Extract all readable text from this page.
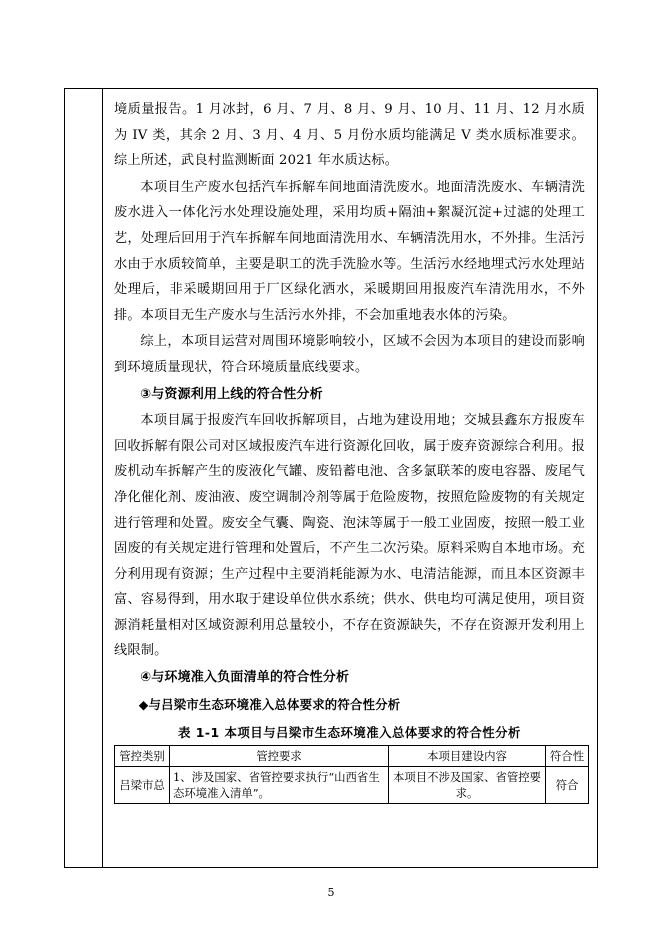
境质量报告。1 月冰封，6 月、7 月、8 月、9 月、10 月、11 月、12 月水质为 IV 类，其余 2 月、3 月、4 月、5 月份水质均能满足 V 类水质标准要求。综上所述，武良村监测断面 2021 年水质达标。

本项目生产废水包括汽车拆解车间地面清洗废水。地面清洗废水、车辆清洗废水进入一体化污水处理设施处理，采用均质+隔油+絮凝沉淀+过滤的处理工艺，处理后回用于汽车拆解车间地面清洗用水、车辆清洗用水，不外排。生活污水由于水质较简单，主要是职工的洗手洗脸水等。生活污水经地埋式污水处理站处理后，非采暖期回用于厂区绿化洒水，采暖期回用报废汽车清洗用水，不外排。本项目无生产废水与生活污水外排，不会加重地表水体的污染。

综上，本项目运营对周围环境影响较小，区域不会因为本项目的建设而影响到环境质量现状，符合环境质量底线要求。

③与资源利用上线的符合性分析

本项目属于报废汽车回收拆解项目，占地为建设用地；交城县鑫东方报废车回收拆解有限公司对区域报废汽车进行资源化回收，属于废弃资源综合利用。报废机动车拆解产生的废液化气罐、废铅蓄电池、含多氯联苯的废电容器、废尾气净化催化剂、废油液、废空调制冷剂等属于危险废物，按照危险废物的有关规定进行管理和处置。废安全气囊、陶瓷、泡沫等属于一般工业固废，按照一般工业固废的有关规定进行管理和处置后，不产生二次污染。原料采购自本地市场。充分利用现有资源；生产过程中主要消耗能源为水、电清洁能源，而且本区资源丰富、容易得到，用水取于建设单位供水系统；供水、供电均可满足使用，项目资源消耗量相对区域资源利用总量较小，不存在资源缺失，不存在资源开发利用上线限制。

④与环境准入负面清单的符合性分析

◆与吕梁市生态环境准入总体要求的符合性分析

表 1-1 本项目与吕梁市生态环境准入总体要求的符合性分析
管控类别	管控要求	本项目建设内容	符合性
吕梁市总	1、涉及国家、省管控要求执行“山西省生态环境准入清单”。	本项目不涉及国家、省管控要求。	符合
5
